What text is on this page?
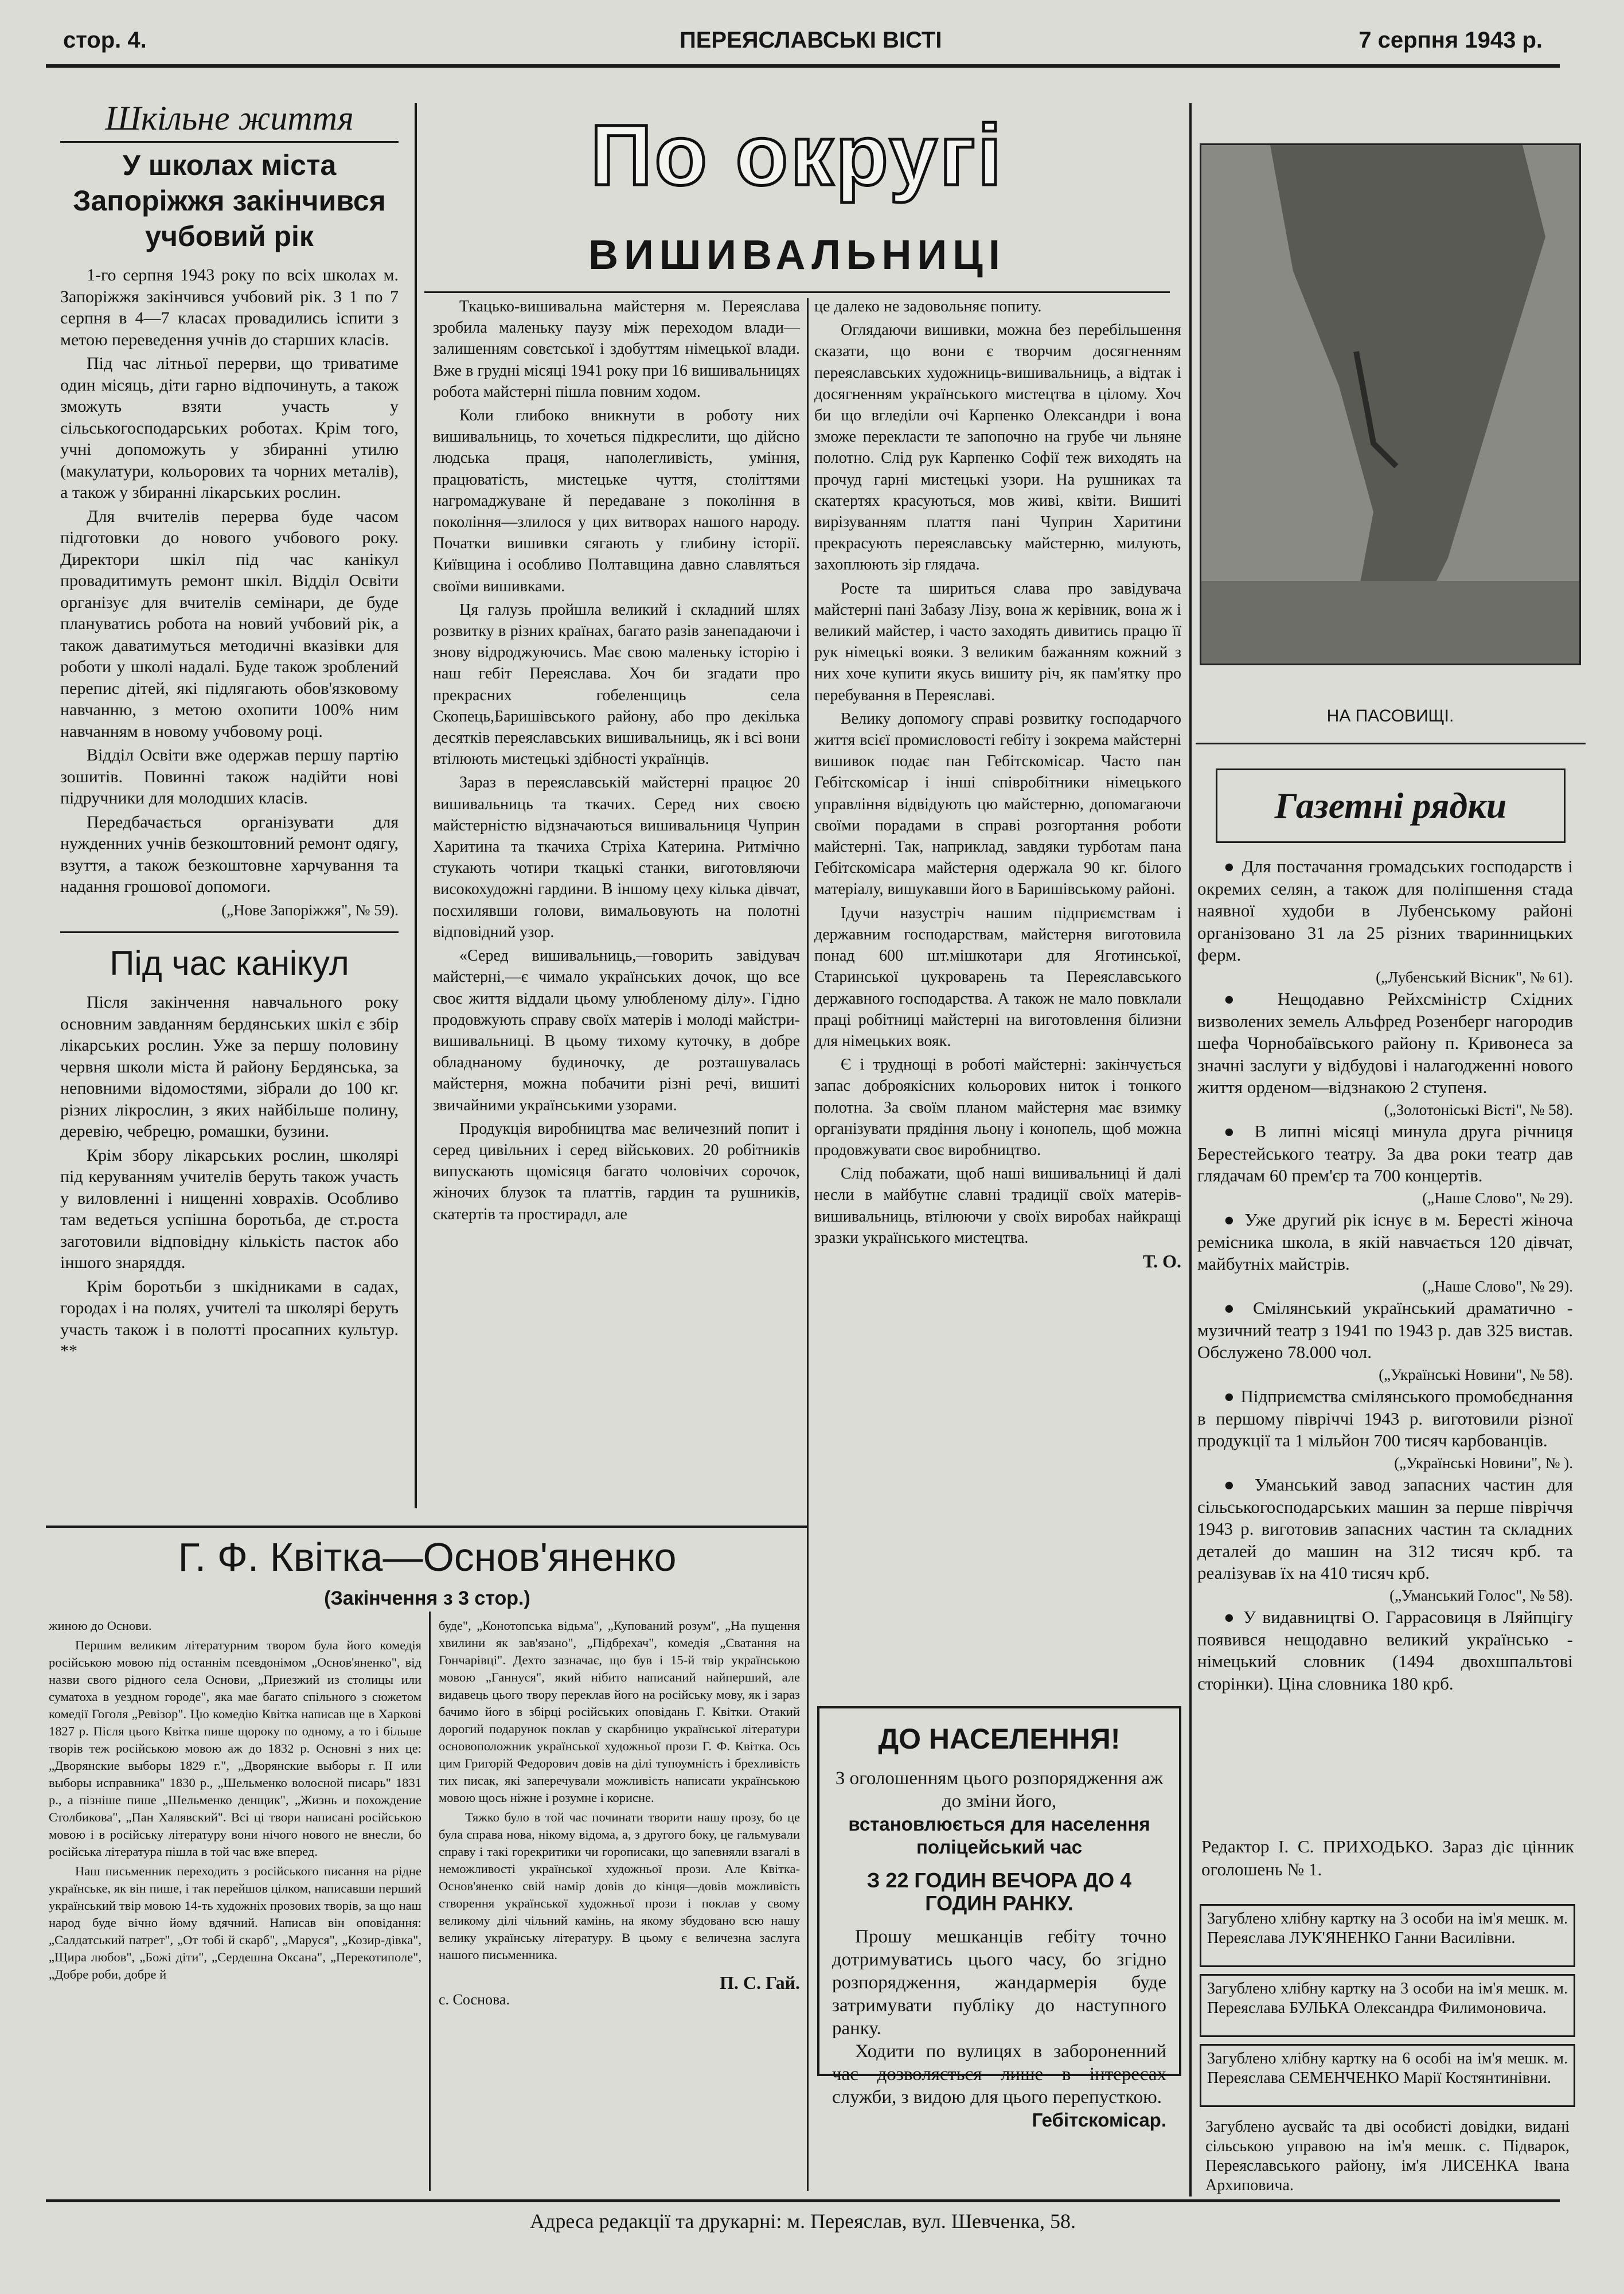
стор. 4.	ПЕРЕЯСЛАВСЬКІ ВІСТІ	7 серпня 1943 р.
Шкільне життя
У школах міста Запоріжжя закінчився учбовий рік

1-го серпня 1943 року по всіх школах м. Запоріжжя закінчився учбовий рік. З 1 по 7 серпня в 4—7 класах провадились іспити з метою переведення учнів до старших класів.

Під час літньої перерви, що триватиме один місяць, діти гарно відпочинуть, а також зможуть взяти участь у сільськогосподарських роботах. Крім того, учні допоможуть у збиранні утилю (макулатури, кольорових та чорних металів), а також у збиранні лікарських рослин.

Для вчителів перерва буде часом підготовки до нового учбового року. Директори шкіл під час канікул провадитимуть ремонт шкіл. Відділ Освіти організує для вчителів семінари, де буде плануватись робота на новий учбовий рік, а також даватимуться методичні вказівки для роботи у школі надалі. Буде також зроблений перепис дітей, які підлягають обов'язковому навчанню, з метою охопити 100% ним навчанням в новому учбовому році.

Відділ Освіти вже одержав першу партію зошитів. Повинні також надійти нові підручники для молодших класів.

Передбачається організувати для нужденних учнів безкоштовний ремонт одягу, взуття, а також безкоштовне харчування та надання грошової допомоги.

(„Нове Запоріжжя", № 59).
Під час канікул

Після закінчення навчального року основним завданням бердянських шкіл є збір лікарських рослин. Уже за першу половину червня школи міста й району Бердянська, за неповними відомостями, зібрали до 100 кг. різних лікрослин, з яких найбільше полину, деревію, чебрецю, ромашки, бузини.

Крім збору лікарських рослин, школярі під керуванням учителів беруть також участь у виловленні і нищенні ховрахів. Особливо там ведеться успішна боротьба, де ст.роста заготовили відповідну кількість пасток або іншого знаряддя.

Крім боротьби з шкідниками в садах, городах і на полях, учителі та школярі беруть участь також і в полотті просапних культур. **

По округі
ВИШИВАЛЬНИЦІ

Ткацько-вишивальна майстерня м. Переяслава зробила маленьку паузу між переходом влади—залишенням совєтської і здобуттям німецької влади. Вже в грудні місяці 1941 року при 16 вишивальницях робота майстерні пішла повним ходом.

Коли глибоко вникнути в роботу них вишивальниць, то хочеться підкреслити, що дійсно людська праця, наполегливість, уміння, працюватість, мистецьке чуття, століттями нагромаджуване й передаване з покоління в покоління—злилося у цих витворах нашого народу. Початки вишивки сягають у глибину історії. Київщина і особливо Полтавщина давно славляться своїми вишивками.

Ця галузь пройшла великий і складний шлях розвитку в різних країнах, багато разів занепадаючи і знову відроджуючись. Має свою маленьку історію і наш гебіт Переяслава. Хоч би згадати про прекрасних гобеленщиць села Скопець,Баришівського району, або про декілька десятків переяславських вишивальниць, як і всі вони втілюють мистецькі здібності українців.

Зараз в переяславській майстерні працює 20 вишивальниць та ткачих. Серед них своєю майстерністю відзначаються вишивальниця Чуприн Харитина та ткачиха Стріха Катерина. Ритмічно стукають чотири ткацькі станки, виготовляючи високохудожні гардини. В іншому цеху кілька дівчат, посхилявши голови, вимальовують на полотні відповідний узор.

«Серед вишивальниць,—говорить завідувач майстерні,—є чимало українських дочок, що все своє життя віддали цьому улюбленому ділу». Гідно продовжують справу своїх матерів і молоді майстри-вишивальниці. В цьому тихому куточку, в добре обладнаному будиночку, де розташувалась майстерня, можна побачити різні речі, вишиті звичайними українськими узорами.

Продукція виробництва має величезний попит і серед цивільних і серед військових. 20 робітників випускають щомісяця багато чоловічих сорочок, жіночих блузок та платтів, гардин та рушників, скатертів та простирадл, але

це далеко не задовольняє попиту.

Оглядаючи вишивки, можна без перебільшення сказати, що вони є творчим досягненням переяславських художниць-вишивальниць, а відтак і досягненням українського мистецтва в цілому. Хоч би що вгледіли очі Карпенко Олександри і вона зможе перекласти те запопочно на грубе чи льняне полотно. Слід рук Карпенко Софії теж виходять на прочуд гарні мистецькі узори. На рушниках та скатертях красуються, мов живі, квіти. Вишиті вирізуванням плаття пані Чуприн Харитини прекрасують переяславську майстерню, милують, захоплюють зір глядача.

Росте та шириться слава про завідувача майстерні пані Забазу Лізу, вона ж керівник, вона ж і великий майстер, і часто заходять дивитись працю її рук німецькі вояки. З великим бажанням кожний з них хоче купити якусь вишиту річ, як пам'ятку про перебування в Переяславі.

Велику допомогу справі розвитку господарчого життя всієї промисловості гебіту і зокрема майстерні вишивок подає пан Гебітскомісар. Часто пан Гебітскомісар і інші співробітники німецького управління відвідують цю майстерню, допомагаючи своїми порадами в справі розгортання роботи майстерні. Так, наприклад, завдяки турботам пана Гебітскомісара майстерня одержала 90 кг. білого матеріалу, вишукавши його в Баришівському районі.

Ідучи назустріч нашим підприємствам і державним господарствам, майстерня виготовила понад 600 шт.мішкотари для Яготинської, Старинської цукроварень та Переяславського державного господарства. А також не мало повклали праці робітниці майстерні на виготовлення білизни для німецьких вояк.

Є і труднощі в роботі майстерні: закінчується запас доброякісних кольорових ниток і тонкого полотна. За своїм планом майстерня має взимку організувати прядіння льону і конопель, щоб можна продовжувати своє виробництво.

Слід побажати, щоб наші вишивальниці й далі несли в майбутнє славні традиції своїх матерів-вишивальниць, втілюючи у своїх виробах найкращі зразки українського мистецтва.

Т. О.
Г. Ф. Квітка—Основ'яненко
(Закінчення з 3 стор.)

жиною до Основи.

Першим великим літературним твором була його комедія російською мовою під останнім псевдонімом „Основ'яненко", від назви свого рідного села Основи, „Приезжий из столицы или суматоха в уездном городе", яка мае багато спільного з сюжетом комедії Гоголя „Ревізор". Цю комедію Квітка написав ще в Харкові 1827 р. Після цього Квітка пише щороку по одному, а то і більше творів теж російською мовою аж до 1832 р. Основні з них це: „Дворянские выборы 1829 г.", „Дворянские выборы г. II или выборы исправника" 1830 р., „Шельменко волосной писарь" 1831 р., а пізніше пише „Шельменко денщик", „Жизнь и похождение Столбикова", „Пан Халявский". Всі ці твори написані російською мовою і в російську літературу вони нічого нового не внесли, бо російська література пішла в той час вже вперед.

Наш письменник переходить з російського писання на рідне українське, як він пише, і так перейшов цілком, написавши перший український твір мовою 14-ть художніх прозових творів, за що наш народ буде вічно йому вдячний. Написав він оповідання: „Салдатський патрет", „От тобі й скарб", „Маруся", „Козир-дівка", „Щира любов", „Божі діти", „Сердешна Оксана", „Перекотиполе", „Добре роби, добре й

буде", „Конотопська відьма", „Купований розум", „На пущення хвилини як зав'язано", „Підбрехач", комедія „Сватання на Гончарівці". Дехто зазначає, що був і 15-й твір українською мовою „Ганнуся", який нібито написаний найперший, але видавець цього твору переклав його на російську мову, як і зараз бачимо його в збірці російських оповідань Г. Квітки. Отакий дорогий подарунок поклав у скарбницю української літератури основоположник української художньої прози Г. Ф. Квітка. Ось цим Григорій Федорович довів на ділі тупоумність і брехливість тих писак, які заперечували можливість написати українською мовою щось ніжне і розумне і корисне.

Тяжко було в той час починати творити нашу прозу, бо це була справа нова, нікому відома, а, з другого боку, це гальмували справу і такі горекритики чи горописаки, що запевняли взагалі в неможливості української художньої прози. Але Квітка-Основ'яненко свій намір довів до кінця—довів можливість створення української художньої прози і поклав у свому великому ділі чільний камінь, на якому збудовано всю нашу велику українську літературу. В цьому є величезна заслуга нашого письменника.

П. С. Гай.
с. Соснова.
НА ПАСОВИЩІ.
Газетні рядки
● Для постачання громадських господарств і окремих селян, а також для поліпшення стада наявної худоби в Лубенському районі організовано 31 ла 25 різних тваринницьких ферм.
(„Лубенський Вісник", № 61).
● Нещодавно Рейхсміністр Східних визволених земель Альфред Розенберг нагородив шефа Чорнобаївського району п. Кривонеса за значні заслуги у відбудові і налагодженні нового життя орденом—відзнакою 2 ступеня.
(„Золотоніські Вісті", № 58).
● В липні місяці минула друга річниця Берестейського театру. За два роки театр дав глядачам 60 прем'єр та 700 концертів.
(„Наше Слово", № 29).
● Уже другий рік існує в м. Бересті жіноча ремісника школа, в якій навчається 120 дівчат, майбутніх майстрів.
(„Наше Слово", № 29).
● Смілянський український драматично - музичний театр з 1941 по 1943 р. дав 325 вистав. Обслужено 78.000 чол.
(„Українські Новини", № 58).
● Підприємства смілянського промобєднання в першому півріччі 1943 р. виготовили різної продукції та 1 мільйон 700 тисяч карбованців.
(„Українські Новини", № ).
● Уманський завод запасних частин для сільськогосподарських машин за перше півріччя 1943 р. виготовив запасних частин та складних деталей до машин на 312 тисяч крб. та реалізував їх на 410 тисяч крб.
(„Уманський Голос", № 58).
● У видавництві О. Гаррасовиця в Ляйпцігу появився нещодавно великий українсько - німецький словник (1494 двохшпальтові сторінки). Ціна словника 180 крб.
ДО НАСЕЛЕННЯ!
З оголошенням цього розпорядження аж до зміни його,
встановлюється для населення поліцейський час
З 22 ГОДИН ВЕЧОРА ДО 4 ГОДИН РАНКУ.
Прошу мешканців гебіту точно дотримуватись цього часу, бо згідно розпорядження, жандармерія буде затримувати публіку до наступного ранку.
Ходити по вулицях в забороненний час дозволяється лише в інтересах служби, з видою для цього перепусткою.
Гебітскомісар.
Редактор І. С. ПРИХОДЬКО. Зараз діє цінник оголошень № 1.
Загублено хлібну картку на 3 особи на ім'я мешк. м. Переяслава ЛУК'ЯНЕНКО Ганни Василівни.
Загублено хлібну картку на 3 особи на ім'я мешк. м. Переяслава БУЛЬКА Олександра Филимоновича.
Загублено хлібну картку на 6 особі на ім'я мешк. м. Переяслава СЕМЕНЧЕНКО Марії Костянтинівни.
Загублено аусвайс та дві особисті довідки, видані сільською управою на ім'я мешк. с. Підварок, Переяславського району, ім'я ЛИСЕНКА Івана Архиповича.
Адреса редакції та друкарні: м. Переяслав, вул. Шевченка, 58.
